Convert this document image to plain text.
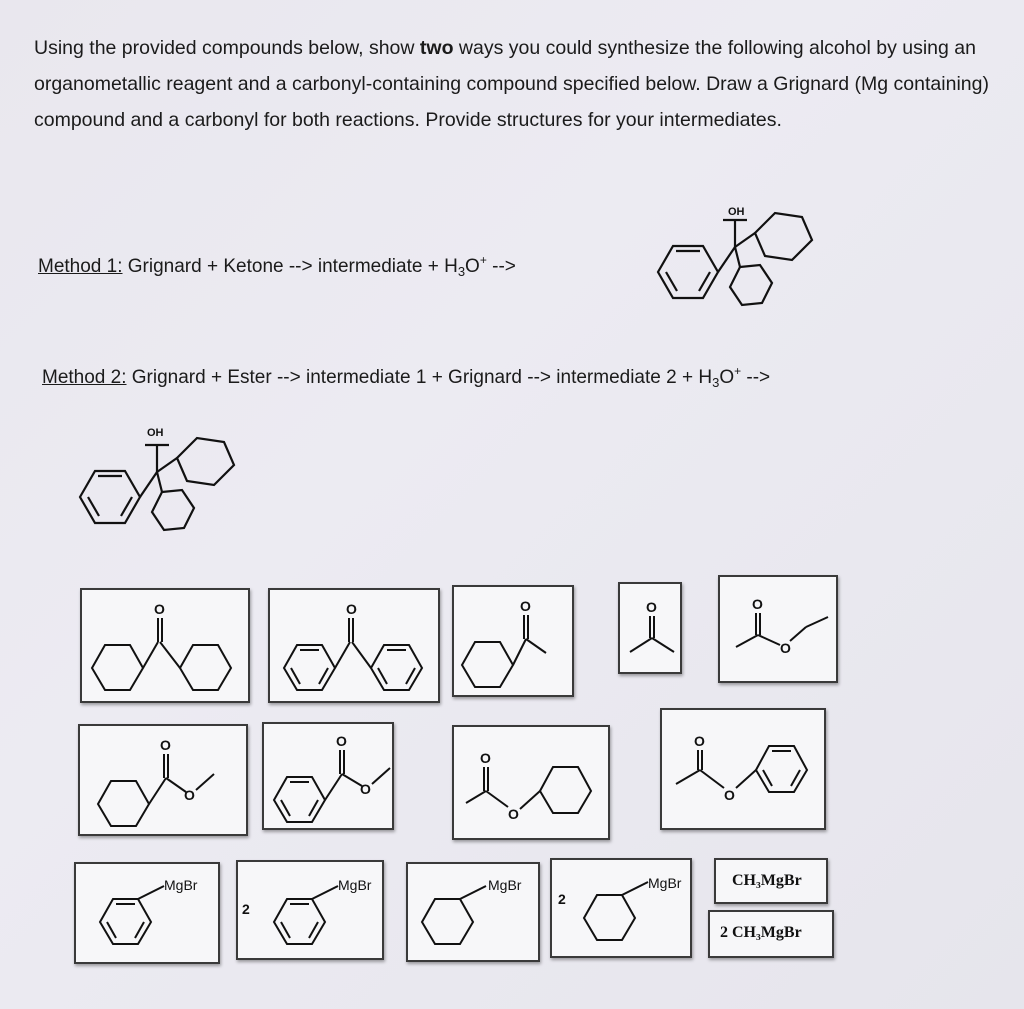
Using the provided compounds below, show two ways you could synthesize the following alcohol by using an organometallic reagent and a carbonyl-containing compound specified below. Draw a Grignard (Mg containing) compound and a carbonyl for both reactions. Provide structures for your intermediates.

Method 1: Grignard + Ketone --> intermediate + $H_3O^+$ -->
Method 2: Grignard + Ester --> intermediate 1 + Grignard --> intermediate $2 + H_3O^+$ -->
OH
OH
O	O	O	O	O
O
O
O
O
O
O
O
O
O
MgBr
2
MgBr	MgBr
2
MgBr	CH₃MgBr
2 CH₃MgBr
